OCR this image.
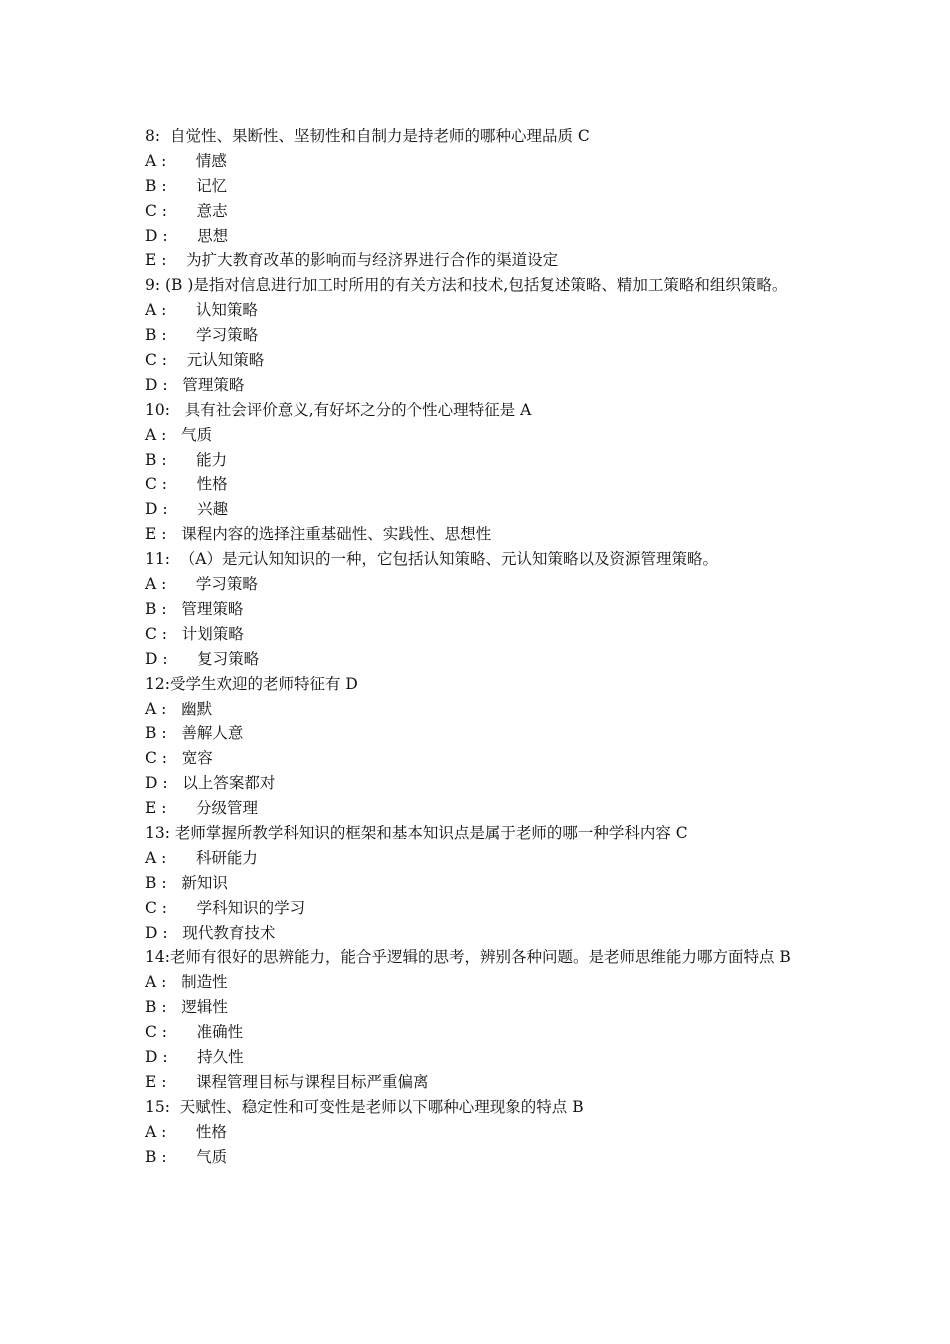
8:  自觉性、果断性、坚韧性和自制力是持老师的哪种心理品质 C
A :      情感
B :      记忆
C :      意志
D :      思想
E :    为扩大教育改革的影响而与经济界进行合作的渠道设定
9: (B )是指对信息进行加工时所用的有关方法和技术,包括复述策略、精加工策略和组织策略。
A :      认知策略
B :      学习策略
C :    元认知策略
D :   管理策略
10:   具有社会评价意义,有好坏之分的个性心理特征是 A
A :   气质
B :      能力
C :      性格
D :      兴趣
E :   课程内容的选择注重基础性、实践性、思想性
11:  （A）是元认知知识的一种，它包括认知策略、元认知策略以及资源管理策略。
A :      学习策略
B :   管理策略
C :   计划策略
D :      复习策略
12:受学生欢迎的老师特征有 D
A :   幽默
B :   善解人意
C :   宽容
D :   以上答案都对
E :      分级管理
13: 老师掌握所教学科知识的框架和基本知识点是属于老师的哪一种学科内容 C
A :      科研能力
B :   新知识
C :      学科知识的学习
D :   现代教育技术
14:老师有很好的思辨能力，能合乎逻辑的思考，辨别各种问题。是老师思维能力哪方面特点 B
A :   制造性
B :   逻辑性
C :      准确性
D :      持久性
E :      课程管理目标与课程目标严重偏离
15:  天赋性、稳定性和可变性是老师以下哪种心理现象的特点 B
A :      性格
B :      气质
